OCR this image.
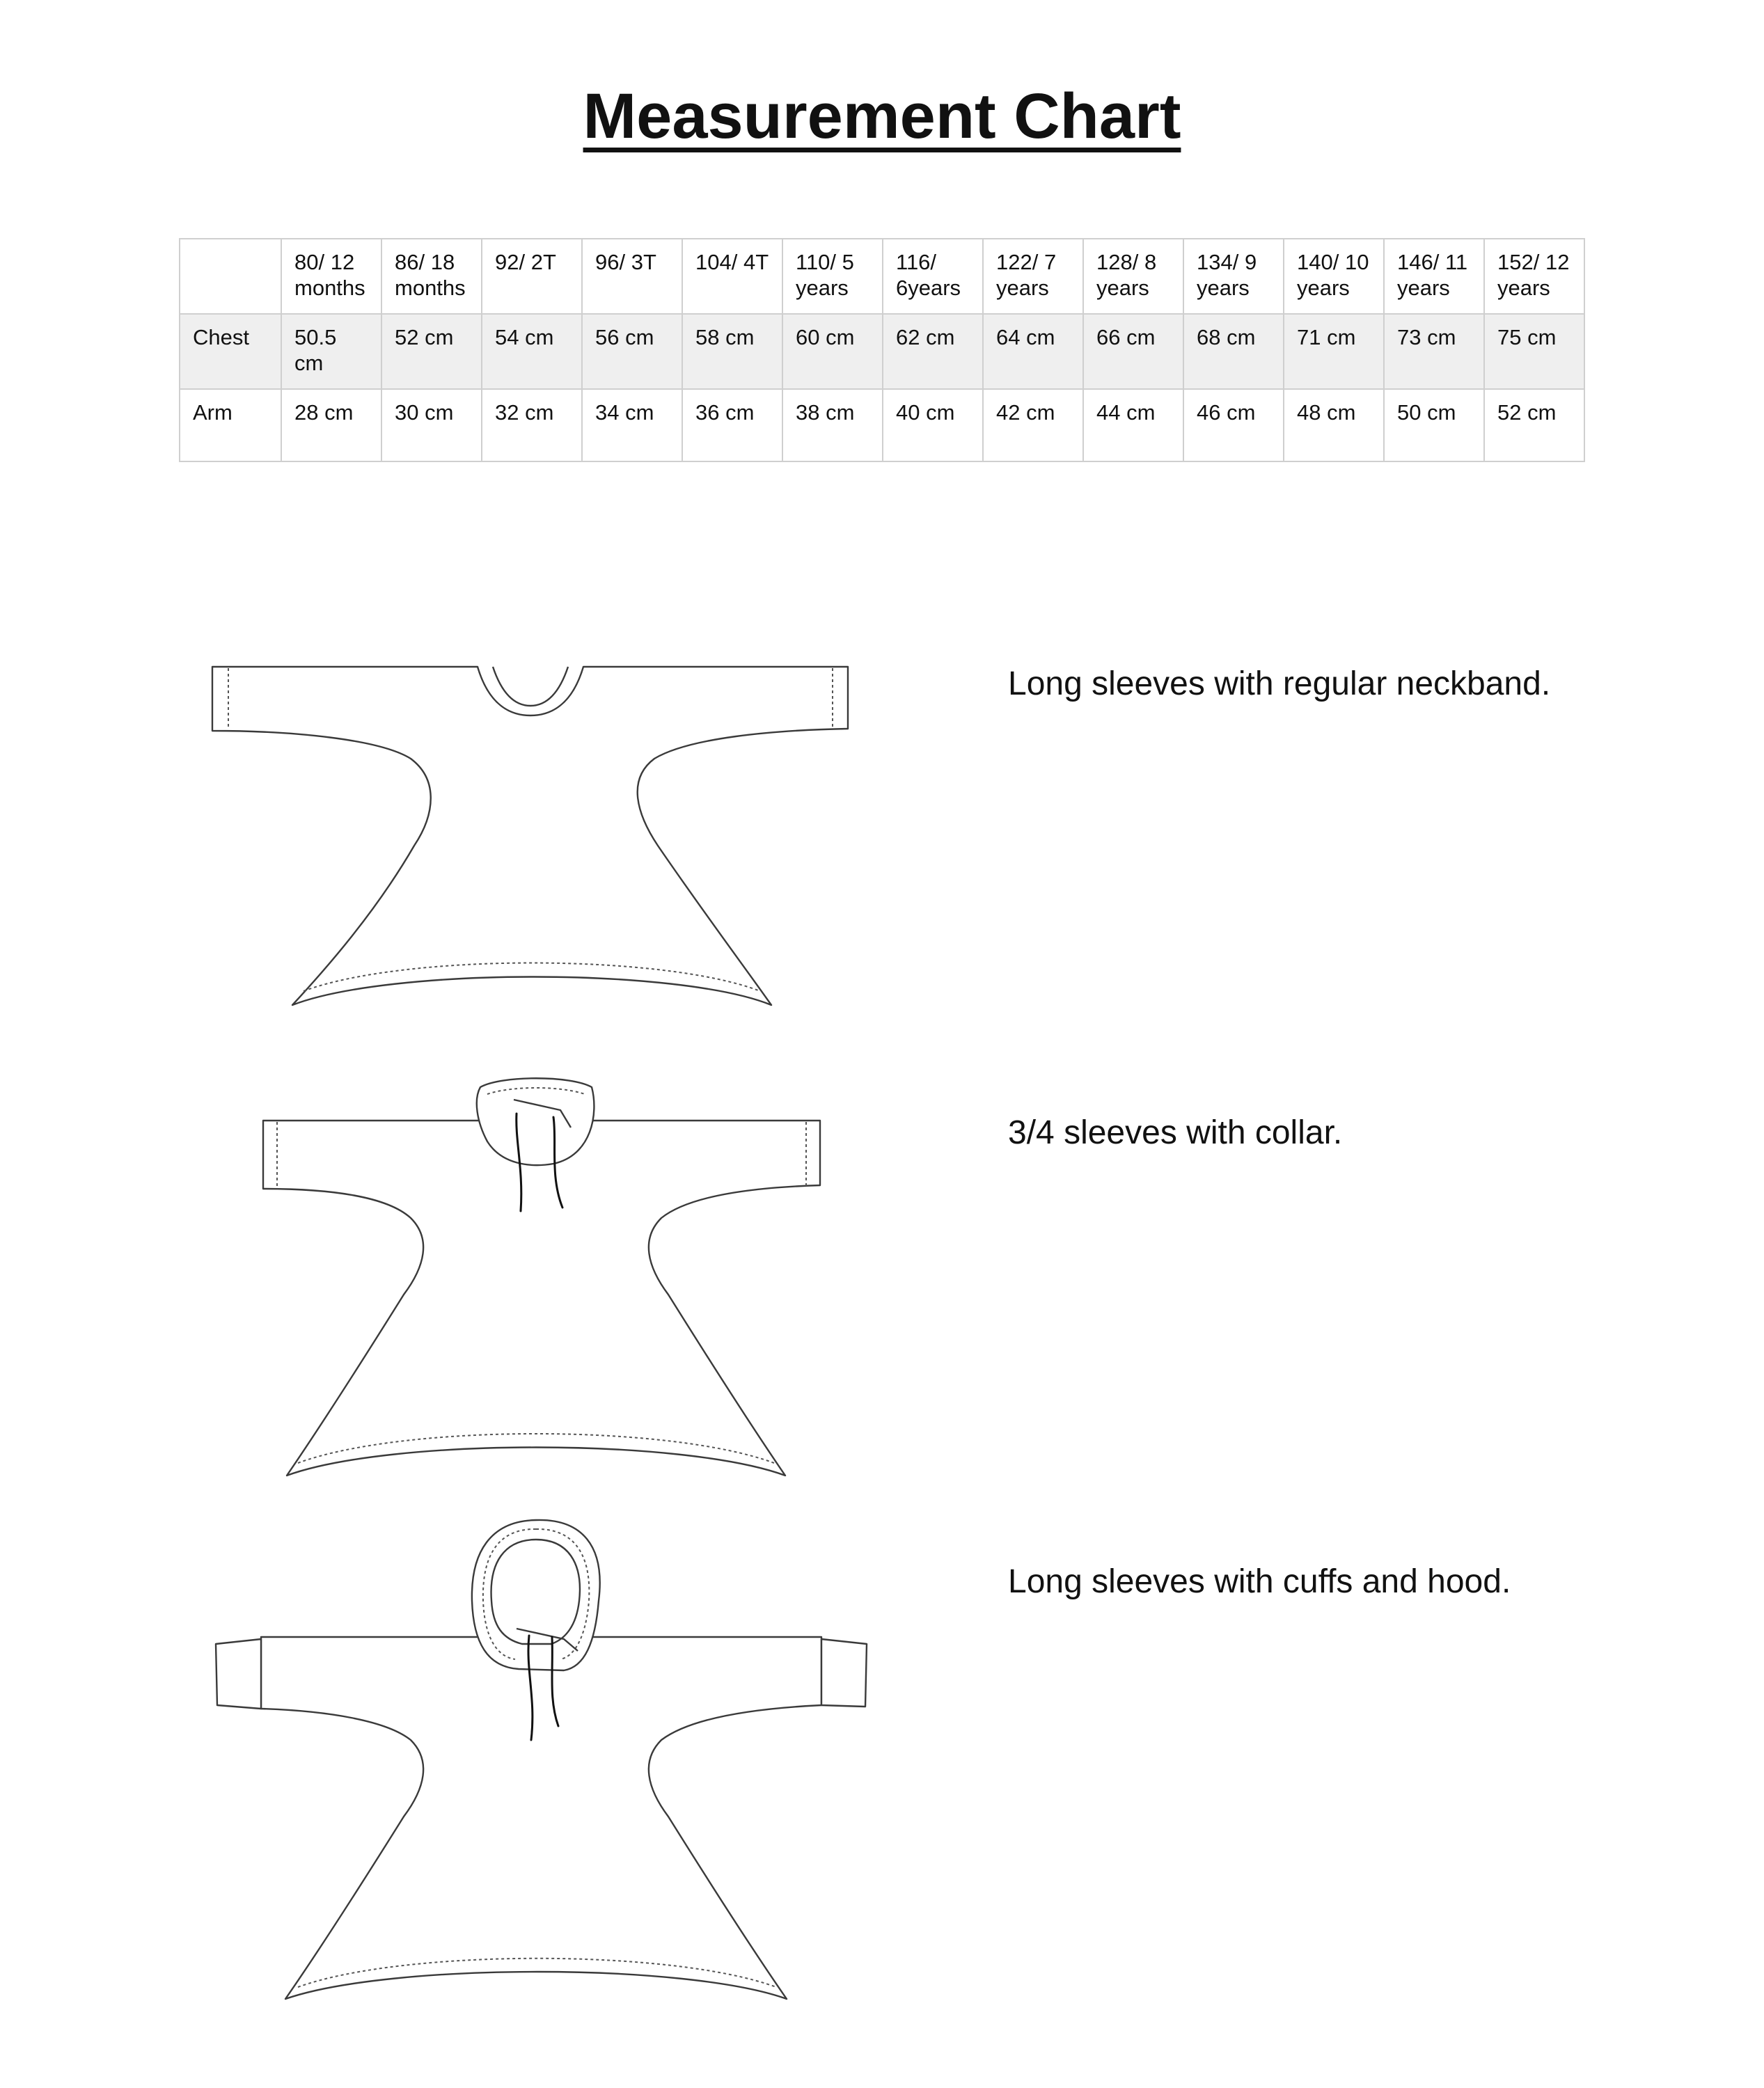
Measurement Chart
	80/ 12 months	86/ 18 months	92/ 2T	96/ 3T	104/ 4T	110/ 5 years	116/ 6years	122/ 7 years	128/ 8 years	134/ 9 years	140/ 10 years	146/ 11 years	152/ 12 years
Chest	50.5 cm	52 cm	54 cm	56 cm	58 cm	60 cm	62 cm	64 cm	66 cm	68 cm	71 cm	73 cm	75 cm
Arm	28 cm	30 cm	32 cm	34 cm	36 cm	38 cm	40 cm	42 cm	44 cm	46 cm	48 cm	50 cm	52 cm

Long sleeves with regular neckband.

3/4 sleeves with collar.

Long sleeves with cuffs and hood.
